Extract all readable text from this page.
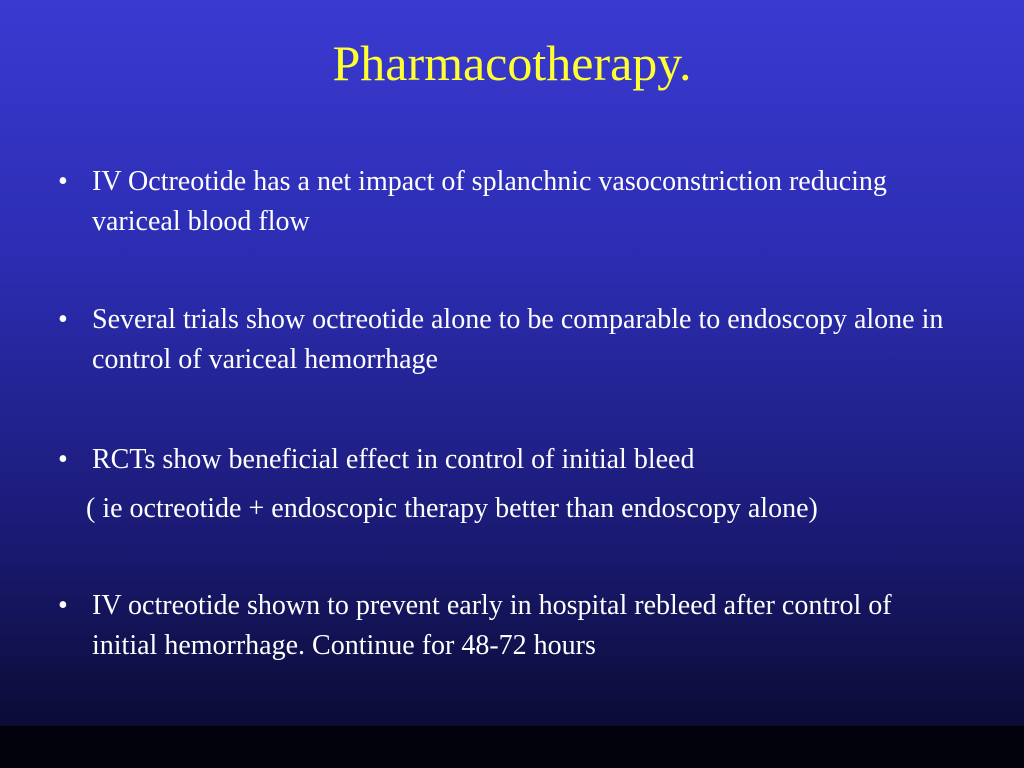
Pharmacotherapy.
• IV Octreotide has a net impact of splanchnic vasoconstriction reducing variceal blood flow
• Several trials show octreotide alone to be comparable to endoscopy alone in control of variceal hemorrhage
• RCTs show beneficial effect in control of initial bleed
( ie octreotide + endoscopic therapy better than endoscopy alone)
• IV octreotide shown to prevent early in hospital rebleed after control of initial hemorrhage. Continue for 48-72 hours
